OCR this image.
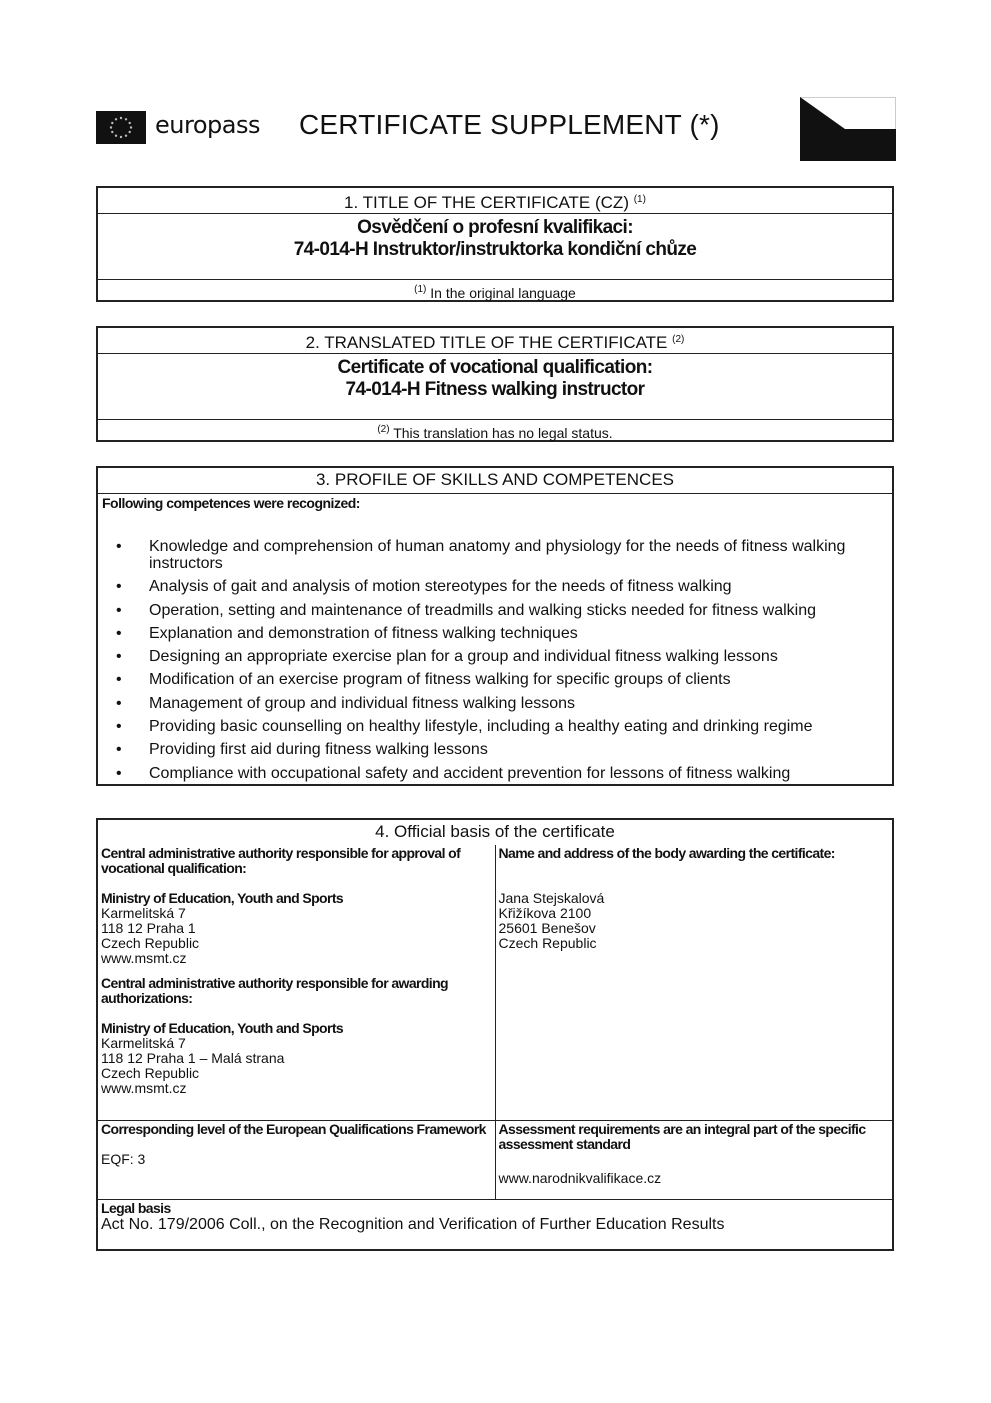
europass CERTIFICATE SUPPLEMENT (*)
1. TITLE OF THE CERTIFICATE (CZ) $^{(1)}$
Osvědčení o profesní kvalifikaci:
74-014-H Instruktor/instruktorka kondiční chůze
$^{(1)}$ In the original language
2. TRANSLATED TITLE OF THE CERTIFICATE $^{(2)}$
Certificate of vocational qualification:
74-014-H Fitness walking instructor
$^{(2)}$ This translation has no legal status.
3. PROFILE OF SKILLS AND COMPETENCES
Following competences were recognized:
• Knowledge and comprehension of human anatomy and physiology for the needs of fitness walking instructors
• Analysis of gait and analysis of motion stereotypes for the needs of fitness walking
• Operation, setting and maintenance of treadmills and walking sticks needed for fitness walking
• Explanation and demonstration of fitness walking techniques
• Designing an appropriate exercise plan for a group and individual fitness walking lessons
• Modification of an exercise program of fitness walking for specific groups of clients
• Management of group and individual fitness walking lessons
• Providing basic counselling on healthy lifestyle, including a healthy eating and drinking regime
• Providing first aid during fitness walking lessons
• Compliance with occupational safety and accident prevention for lessons of fitness walking
4. Official basis of the certificate
Central administrative authority responsible for approval of vocational qualification:
Ministry of Education, Youth and Sports
Karmelitská 7
118 12 Praha 1
Czech Republic
www.msmt.cz
Central administrative authority responsible for awarding authorizations:
Ministry of Education, Youth and Sports
Karmelitská 7
118 12 Praha 1 – Malá strana
Czech Republic
www.msmt.cz

Name and address of the body awarding the certificate:
Jana Stejskalová
Křižíkova 2100
25601 Benešov
Czech Republic

Corresponding level of the European Qualifications Framework
EQF: 3

Assessment requirements are an integral part of the specific assessment standard
www.narodnikvalifikace.cz

Legal basis
Act No. 179/2006 Coll., on the Recognition and Verification of Further Education Results	
